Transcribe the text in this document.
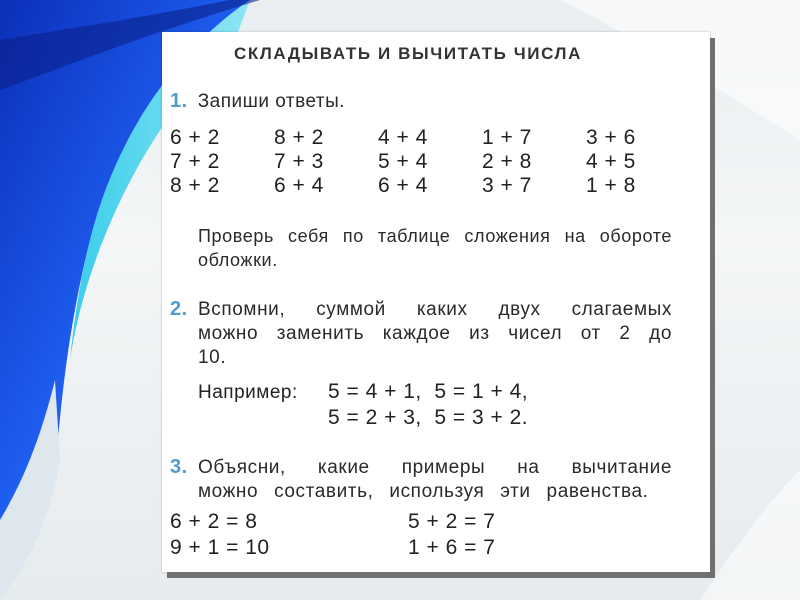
СКЛАДЫВАТЬ И ВЫЧИТАТЬ ЧИСЛА
1. Запиши ответы.
6 + 2	8 + 2	4 + 4	1 + 7	3 + 6
7 + 2	7 + 3	5 + 4	2 + 8	4 + 5
8 + 2	6 + 4	6 + 4	3 + 7	1 + 8
Проверь себя по таблице сложения на обороте обложки.
2. Вспомни, суммой каких двух слагаемых можно заменить каждое из чисел от 2 до 10.
Например: 5 = 4 + 1,  5 = 1 + 4,
5 = 2 + 3,  5 = 3 + 2.
3. Объясни, какие примеры на вычитание можно составить, используя эти равенства.
6 + 2 = 8	5 + 2 = 7
9 + 1 = 10	1 + 6 = 7
